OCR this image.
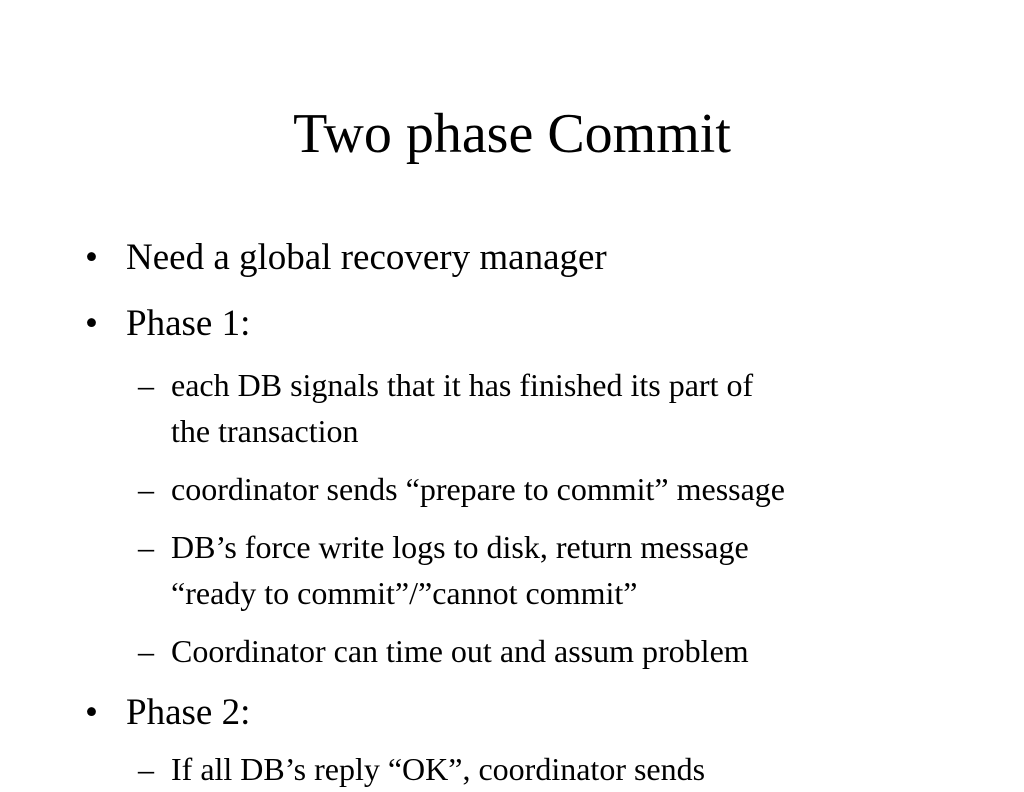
Two phase Commit
• Need a global recovery manager
• Phase 1:
– each DB signals that it has finished its part of
the transaction
– coordinator sends “prepare to commit” message
– DB’s force write logs to disk, return message
“ready to commit”/”cannot commit”
– Coordinator can time out and assum problem
• Phase 2:
– If all DB’s reply “OK”, coordinator sends
